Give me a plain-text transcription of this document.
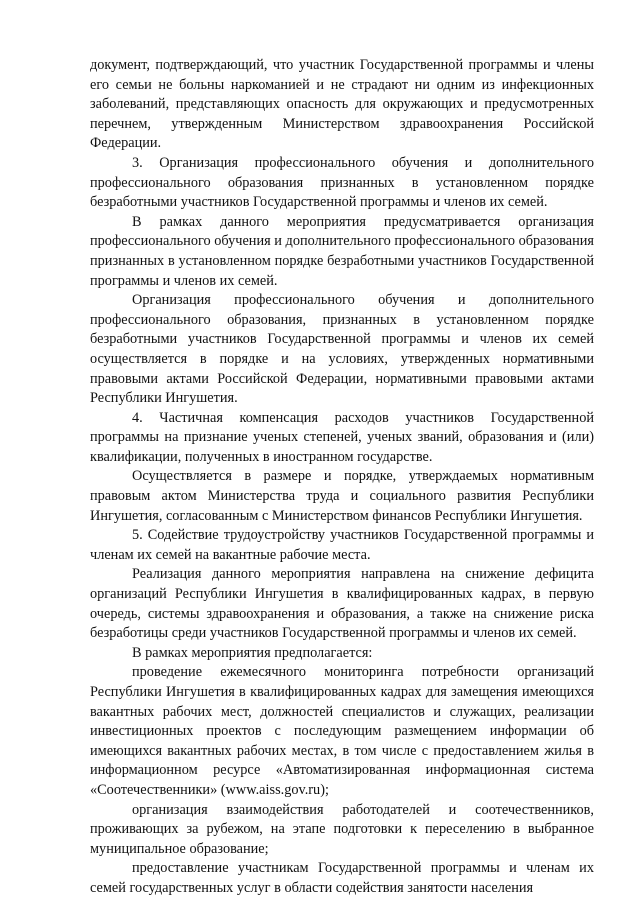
документ, подтверждающий, что участник Государственной программы и члены его семьи не больны наркоманией и не страдают ни одним из инфекционных заболеваний, представляющих опасность для окружающих и предусмотренных перечнем, утвержденным Министерством здравоохранения Российской Федерации.

3. Организация профессионального обучения и дополнительного профессионального образования признанных в установленном порядке безработными участников Государственной программы и членов их семей.

В рамках данного мероприятия предусматривается организация профессионального обучения и дополнительного профессионального образования признанных в установленном порядке безработными участников Государственной программы и членов их семей.

Организация профессионального обучения и дополнительного профессионального образования, признанных в установленном порядке безработными участников Государственной программы и членов их семей осуществляется в порядке и на условиях, утвержденных нормативными правовыми актами Российской Федерации, нормативными правовыми актами Республики Ингушетия.

4. Частичная компенсация расходов участников Государственной программы на признание ученых степеней, ученых званий, образования и (или) квалификации, полученных в иностранном государстве.

Осуществляется в размере и порядке, утверждаемых нормативным правовым актом Министерства труда и социального развития Республики Ингушетия, согласованным с Министерством финансов Республики Ингушетия.

5. Содействие трудоустройству участников Государственной программы и членам их семей на вакантные рабочие места.

Реализация данного мероприятия направлена на снижение дефицита организаций Республики Ингушетия в квалифицированных кадрах, в первую очередь, системы здравоохранения и образования, а также на снижение риска безработицы среди участников Государственной программы и членов их семей.

В рамках мероприятия предполагается:

проведение ежемесячного мониторинга потребности организаций Республики Ингушетия в квалифицированных кадрах для замещения имеющихся вакантных рабочих мест, должностей специалистов и служащих, реализации инвестиционных проектов с последующим размещением информации об имеющихся вакантных рабочих местах, в том числе с предоставлением жилья в информационном ресурсе «Автоматизированная информационная система «Соотечественники» (www.aiss.gov.ru);

организация взаимодействия работодателей и соотечественников, проживающих за рубежом, на этапе подготовки к переселению в выбранное муниципальное образование;

предоставление участникам Государственной программы и членам их семей государственных услуг в области содействия занятости населения
